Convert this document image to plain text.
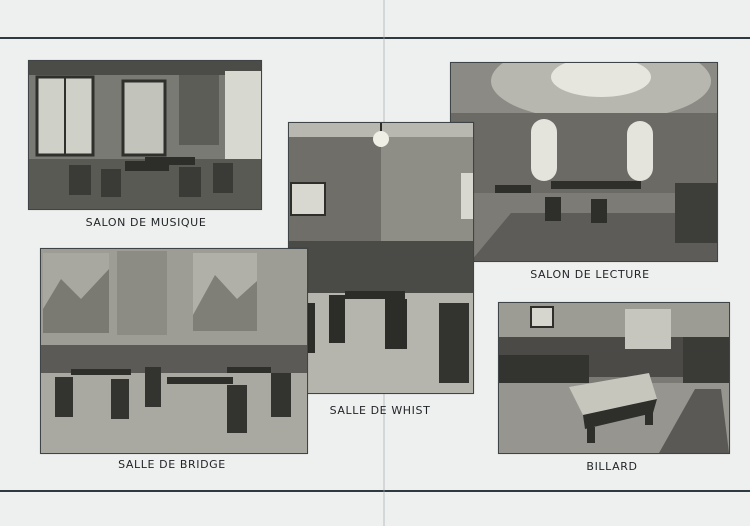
SALON DE MUSIQUE
SALON DE LECTURE
SALLE DE WHIST
SALLE DE BRIDGE	BILLARD
